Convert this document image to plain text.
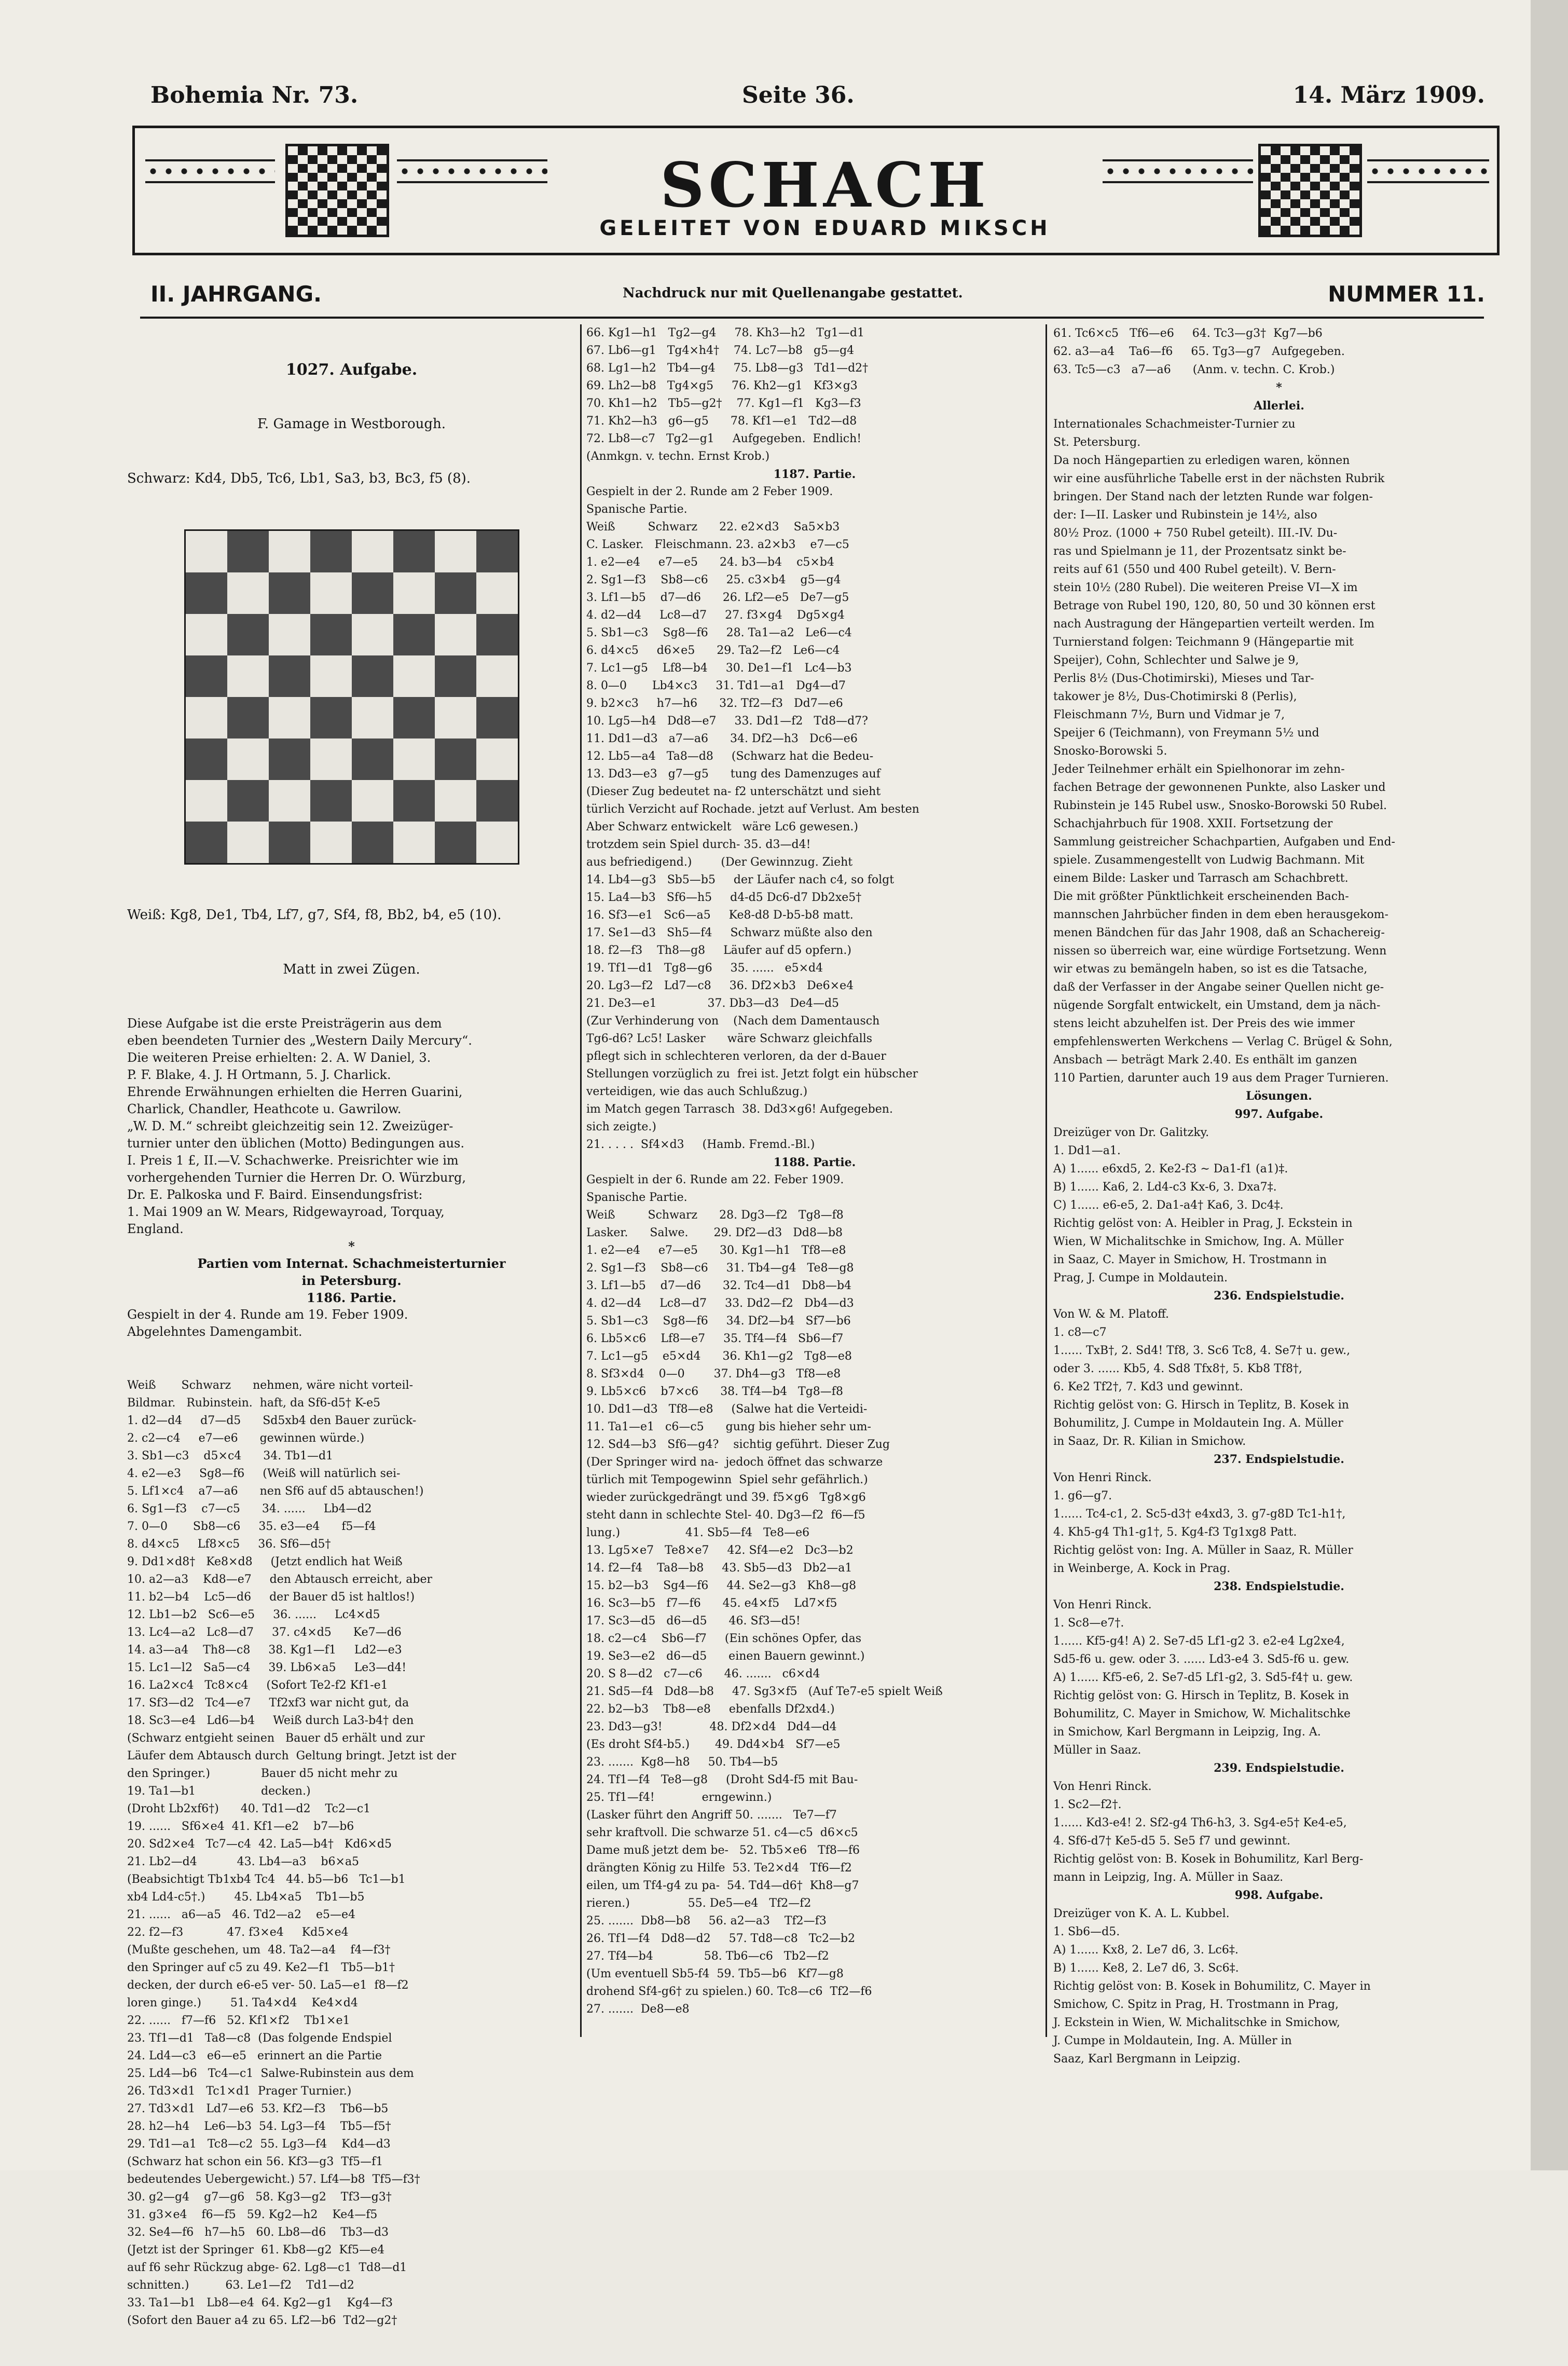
Bohemia Nr. 73.	Seite 36.	14. März 1909.
SCHACH
GELEITET VON EDUARD MIKSCH
II. JAHRGANG.	Nachdruck nur mit Quellenangabe gestattet.	NUMMER 11.

1027. Aufgabe.

F. Gamage in Westborough.

Schwarz: Kd4, Db5, Tc6, Lb1, Sa3, b3, Bc3, f5 (8).

Weiß: Kg8, De1, Tb4, Lf7, g7, Sf4, f8, Bb2, b4, e5 (10).

Matt in zwei Zügen.

Diese Aufgabe ist die erste Preisträgerin aus dem
eben beendeten Turnier des „Western Daily Mercury“.
Die weiteren Preise erhielten: 2. A. W Daniel, 3.
P. F. Blake, 4. J. H Ortmann, 5. J. Charlick.
Ehrende Erwähnungen erhielten die Herren Guarini,
Charlick, Chandler, Heathcote u. Gawrilow.
„W. D. M.“ schreibt gleichzeitig sein 12. Zweizüger-
turnier unter den üblichen (Motto) Bedingungen aus.
I. Preis 1 £, II.—V. Schachwerke. Preisrichter wie im
vorhergehenden Turnier die Herren Dr. O. Würzburg,
Dr. E. Palkoska und F. Baird. Einsendungsfrist:
1. Mai 1909 an W. Mears, Ridgewayroad, Torquay,
England.
*
Partien vom Internat. Schachmeisterturnier
in Petersburg.
1186. Partie.
Gespielt in der 4. Runde am 19. Feber 1909.
Abgelehntes Damengambit.

Weiß       Schwarz      nehmen, wäre nicht vorteil-
Bildmar.   Rubinstein.  haft, da Sf6-d5† K-e5
1. d2—d4     d7—d5      Sd5xb4 den Bauer zurück-
2. c2—c4     e7—e6      gewinnen würde.)
3. Sb1—c3    d5×c4      34. Tb1—d1
4. e2—e3     Sg8—f6     (Weiß will natürlich sei-
5. Lf1×c4    a7—a6      nen Sf6 auf d5 abtauschen!)
6. Sg1—f3    c7—c5      34. ......     Lb4—d2
7. 0—0       Sb8—c6     35. e3—e4      f5—f4
8. d4×c5     Lf8×c5     36. Sf6—d5†
9. Dd1×d8†   Ke8×d8     (Jetzt endlich hat Weiß
10. a2—a3    Kd8—e7     den Abtausch erreicht, aber
11. b2—b4    Lc5—d6     der Bauer d5 ist haltlos!)
12. Lb1—b2   Sc6—e5     36. ......     Lc4×d5
13. Lc4—a2   Lc8—d7     37. c4×d5      Ke7—d6
14. a3—a4    Th8—c8     38. Kg1—f1     Ld2—e3
15. Lc1—l2   Sa5—c4     39. Lb6×a5     Le3—d4!
16. La2×c4   Tc8×c4     (Sofort Te2-f2 Kf1-e1
17. Sf3—d2   Tc4—e7     Tf2xf3 war nicht gut, da
18. Sc3—e4   Ld6—b4     Weiß durch La3-b4† den
(Schwarz entgieht seinen   Bauer d5 erhält und zur
Läufer dem Abtausch durch  Geltung bringt. Jetzt ist der
den Springer.)              Bauer d5 nicht mehr zu
19. Ta1—b1                  decken.)
(Droht Lb2xf6†)      40. Td1—d2    Tc2—c1
19. ......   Sf6×e4  41. Kf1—e2    b7—b6
20. Sd2×e4   Tc7—c4  42. La5—b4†   Kd6×d5
21. Lb2—d4           43. Lb4—a3    b6×a5
(Beabsichtigt Tb1xb4 Tc4   44. b5—b6   Tc1—b1
xb4 Ld4-c5†.)        45. Lb4×a5    Tb1—b5
21. ......   a6—a5   46. Td2—a2    e5—e4
22. f2—f3            47. f3×e4     Kd5×e4
(Mußte geschehen, um  48. Ta2—a4    f4—f3†
den Springer auf c5 zu 49. Ke2—f1   Tb5—b1†
decken, der durch e6-e5 ver- 50. La5—e1  f8—f2
loren ginge.)        51. Ta4×d4    Ke4×d4
22. ......   f7—f6   52. Kf1×f2    Tb1×e1
23. Tf1—d1   Ta8—c8  (Das folgende Endspiel
24. Ld4—c3   e6—e5   erinnert an die Partie
25. Ld4—b6   Tc4—c1  Salwe-Rubinstein aus dem
26. Td3×d1   Tc1×d1  Prager Turnier.)
27. Td3×d1   Ld7—e6  53. Kf2—f3    Tb6—b5
28. h2—h4    Le6—b3  54. Lg3—f4    Tb5—f5†
29. Td1—a1   Tc8—c2  55. Lg3—f4    Kd4—d3
(Schwarz hat schon ein 56. Kf3—g3  Tf5—f1
bedeutendes Uebergewicht.) 57. Lf4—b8  Tf5—f3†
30. g2—g4    g7—g6   58. Kg3—g2    Tf3—g3†
31. g3×e4    f6—f5   59. Kg2—h2    Ke4—f5
32. Se4—f6   h7—h5   60. Lb8—d6    Tb3—d3
(Jetzt ist der Springer  61. Kb8—g2  Kf5—e4
auf f6 sehr Rückzug abge- 62. Lg8—c1  Td8—d1
schnitten.)          63. Le1—f2    Td1—d2
33. Ta1—b1   Lb8—e4  64. Kg2—g1    Kg4—f3
(Sofort den Bauer a4 zu 65. Lf2—b6  Td2—g2†

66. Kg1—h1   Tg2—g4     78. Kh3—h2   Tg1—d1
67. Lb6—g1   Tg4×h4†    74. Lc7—b8   g5—g4
68. Lg1—h2   Tb4—g4     75. Lb8—g3   Td1—d2†
69. Lh2—b8   Tg4×g5     76. Kh2—g1   Kf3×g3
70. Kh1—h2   Tb5—g2†    77. Kg1—f1   Kg3—f3
71. Kh2—h3   g6—g5      78. Kf1—e1   Td2—d8
72. Lb8—c7   Tg2—g1     Aufgegeben.  Endlich!
(Anmkgn. v. techn. Ernst Krob.)
1187. Partie.
Gespielt in der 2. Runde am 2 Feber 1909.
Spanische Partie.
Weiß         Schwarz      22. e2×d3    Sa5×b3
C. Lasker.   Fleischmann. 23. a2×b3    e7—c5
1. e2—e4     e7—e5      24. b3—b4    c5×b4
2. Sg1—f3    Sb8—c6     25. c3×b4    g5—g4
3. Lf1—b5    d7—d6      26. Lf2—e5   De7—g5
4. d2—d4     Lc8—d7     27. f3×g4    Dg5×g4
5. Sb1—c3    Sg8—f6     28. Ta1—a2   Le6—c4
6. d4×c5     d6×e5      29. Ta2—f2   Le6—c4
7. Lc1—g5    Lf8—b4     30. De1—f1   Lc4—b3
8. 0—0       Lb4×c3     31. Td1—a1   Dg4—d7
9. b2×c3     h7—h6      32. Tf2—f3   Dd7—e6
10. Lg5—h4   Dd8—e7     33. Dd1—f2   Td8—d7?
11. Dd1—d3   a7—a6      34. Df2—h3   Dc6—e6
12. Lb5—a4   Ta8—d8     (Schwarz hat die Bedeu-
13. Dd3—e3   g7—g5      tung des Damenzuges auf
(Dieser Zug bedeutet na- f2 unterschätzt und sieht
türlich Verzicht auf Rochade. jetzt auf Verlust. Am besten
Aber Schwarz entwickelt   wäre Lc6 gewesen.)
trotzdem sein Spiel durch- 35. d3—d4!
aus befriedigend.)        (Der Gewinnzug. Zieht
14. Lb4—g3   Sb5—b5     der Läufer nach c4, so folgt
15. La4—b3   Sf6—h5     d4-d5 Dc6-d7 Db2xe5†
16. Sf3—e1   Sc6—a5     Ke8-d8 D-b5-b8 matt.
17. Se1—d3   Sh5—f4     Schwarz müßte also den
18. f2—f3    Th8—g8     Läufer auf d5 opfern.)
19. Tf1—d1   Tg8—g6     35. ......   e5×d4
20. Lg3—f2   Ld7—c8     36. Df2×b3   De6×e4
21. De3—e1              37. Db3—d3   De4—d5
(Zur Verhinderung von    (Nach dem Damentausch
Tg6-d6? Lc5! Lasker      wäre Schwarz gleichfalls
pflegt sich in schlechteren verloren, da der d-Bauer
Stellungen vorzüglich zu  frei ist. Jetzt folgt ein hübscher
verteidigen, wie das auch Schlußzug.)
im Match gegen Tarrasch  38. Dd3×g6! Aufgegeben.
sich zeigte.)
21. . . . .  Sf4×d3     (Hamb. Fremd.-Bl.)
1188. Partie.
Gespielt in der 6. Runde am 22. Feber 1909.
Spanische Partie.
Weiß         Schwarz      28. Dg3—f2   Tg8—f8
Lasker.      Salwe.       29. Df2—d3   Dd8—b8
1. e2—e4     e7—e5      30. Kg1—h1   Tf8—e8
2. Sg1—f3    Sb8—c6     31. Tb4—g4   Te8—g8
3. Lf1—b5    d7—d6      32. Tc4—d1   Db8—b4
4. d2—d4     Lc8—d7     33. Dd2—f2   Db4—d3
5. Sb1—c3    Sg8—f6     34. Df2—b4   Sf7—b6
6. Lb5×c6    Lf8—e7     35. Tf4—f4   Sb6—f7
7. Lc1—g5    e5×d4      36. Kh1—g2   Tg8—e8
8. Sf3×d4    0—0        37. Dh4—g3   Tf8—e8
9. Lb5×c6    b7×c6      38. Tf4—b4   Tg8—f8
10. Dd1—d3   Tf8—e8     (Salwe hat die Verteidi-
11. Ta1—e1   c6—c5      gung bis hieher sehr um-
12. Sd4—b3   Sf6—g4?    sichtig geführt. Dieser Zug
(Der Springer wird na-  jedoch öffnet das schwarze
türlich mit Tempogewinn  Spiel sehr gefährlich.)
wieder zurückgedrängt und 39. f5×g6   Tg8×g6
steht dann in schlechte Stel- 40. Dg3—f2  f6—f5
lung.)                  41. Sb5—f4   Te8—e6
13. Lg5×e7   Te8×e7     42. Sf4—e2   Dc3—b2
14. f2—f4    Ta8—b8     43. Sb5—d3   Db2—a1
15. b2—b3    Sg4—f6     44. Se2—g3   Kh8—g8
16. Sc3—b5   f7—f6      45. e4×f5    Ld7×f5
17. Sc3—d5   d6—d5      46. Sf3—d5!
18. c2—c4    Sb6—f7     (Ein schönes Opfer, das
19. Se3—e2   d6—d5      einen Bauern gewinnt.)
20. S 8—d2   c7—c6      46. .......   c6×d4
21. Sd5—f4   Dd8—b8     47. Sg3×f5   (Auf Te7-e5 spielt Weiß
22. b2—b3    Tb8—e8     ebenfalls Df2xd4.)
23. Dd3—g3!             48. Df2×d4   Dd4—d4
(Es droht Sf4-b5.)       49. Dd4×b4   Sf7—e5
23. .......  Kg8—h8     50. Tb4—b5
24. Tf1—f4   Te8—g8     (Droht Sd4-f5 mit Bau-
25. Tf1—f4!             erngewinn.)
(Lasker führt den Angriff 50. .......   Te7—f7
sehr kraftvoll. Die schwarze 51. c4—c5  d6×c5
Dame muß jetzt dem be-   52. Tb5×e6   Tf8—f6
drängten König zu Hilfe  53. Te2×d4   Tf6—f2
eilen, um Tf4-g4 zu pa-  54. Td4—d6†  Kh8—g7
rieren.)                55. De5—e4   Tf2—f2
25. .......  Db8—b8     56. a2—a3    Tf2—f3
26. Tf1—f4   Dd8—d2     57. Td8—c8   Tc2—b2
27. Tf4—b4              58. Tb6—c6   Tb2—f2
(Um eventuell Sb5-f4  59. Tb5—b6   Kf7—g8
drohend Sf4-g6† zu spielen.) 60. Tc8—c6  Tf2—f6
27. .......  De8—e8
61. Tc6×c5   Tf6—e6     64. Tc3—g3†  Kg7—b6
62. a3—a4    Ta6—f6     65. Tg3—g7   Aufgegeben.
63. Tc5—c3   a7—a6      (Anm. v. techn. C. Krob.)
*
Allerlei.
Internationales Schachmeister-Turnier zu
St. Petersburg.
Da noch Hängepartien zu erledigen waren, können
wir eine ausführliche Tabelle erst in der nächsten Rubrik
bringen. Der Stand nach der letzten Runde war folgen-
der: I—II. Lasker und Rubinstein je 14½, also
80½ Proz. (1000 + 750 Rubel geteilt). III.-IV. Du-
ras und Spielmann je 11, der Prozentsatz sinkt be-
reits auf 61 (550 und 400 Rubel geteilt). V. Bern-
stein 10½ (280 Rubel). Die weiteren Preise VI—X im
Betrage von Rubel 190, 120, 80, 50 und 30 können erst
nach Austragung der Hängepartien verteilt werden. Im
Turnierstand folgen: Teichmann 9 (Hängepartie mit
Speijer), Cohn, Schlechter und Salwe je 9,
Perlis 8½ (Dus-Chotimirski), Mieses und Tar-
takower je 8½, Dus-Chotimirski 8 (Perlis),
Fleischmann 7½, Burn und Vidmar je 7,
Speijer 6 (Teichmann), von Freymann 5½ und
Snosko-Borowski 5.
Jeder Teilnehmer erhält ein Spielhonorar im zehn-
fachen Betrage der gewonnenen Punkte, also Lasker und
Rubinstein je 145 Rubel usw., Snosko-Borowski 50 Rubel.
Schachjahrbuch für 1908. XXII. Fortsetzung der
Sammlung geistreicher Schachpartien, Aufgaben und End-
spiele. Zusammengestellt von Ludwig Bachmann. Mit
einem Bilde: Lasker und Tarrasch am Schachbrett.
Die mit größter Pünktlichkeit erscheinenden Bach-
mannschen Jahrbücher finden in dem eben herausgekom-
menen Bändchen für das Jahr 1908, daß an Schachereig-
nissen so überreich war, eine würdige Fortsetzung. Wenn
wir etwas zu bemängeln haben, so ist es die Tatsache,
daß der Verfasser in der Angabe seiner Quellen nicht ge-
nügende Sorgfalt entwickelt, ein Umstand, dem ja näch-
stens leicht abzuhelfen ist. Der Preis des wie immer
empfehlenswerten Werkchens — Verlag C. Brügel & Sohn,
Ansbach — beträgt Mark 2.40. Es enthält im ganzen
110 Partien, darunter auch 19 aus dem Prager Turnieren.
Lösungen.
997. Aufgabe.
Dreizüger von Dr. Galitzky.
1. Dd1—a1.
A) 1...... e6xd5, 2. Ke2-f3 ∼ Da1-f1 (a1)‡.
B) 1...... Ka6, 2. Ld4-c3 Kx-6, 3. Dxa7‡.
C) 1...... e6-e5, 2. Da1-a4† Ka6, 3. Dc4‡.
Richtig gelöst von: A. Heibler in Prag, J. Eckstein in
Wien, W Michalitschke in Smichow, Ing. A. Müller
in Saaz, C. Mayer in Smichow, H. Trostmann in
Prag, J. Cumpe in Moldautein.
236. Endspielstudie.
Von W. & M. Platoff.
1. c8—c7
1...... TxB†, 2. Sd4! Tf8, 3. Sc6 Tc8, 4. Se7† u. gew.,
oder 3. ...... Kb5, 4. Sd8 Tfx8†, 5. Kb8 Tf8†,
6. Ke2 Tf2†, 7. Kd3 und gewinnt.
Richtig gelöst von: G. Hirsch in Teplitz, B. Kosek in
Bohumilitz, J. Cumpe in Moldautein Ing. A. Müller
in Saaz, Dr. R. Kilian in Smichow.
237. Endspielstudie.
Von Henri Rinck.
1. g6—g7.
1...... Tc4-c1, 2. Sc5-d3† e4xd3, 3. g7-g8D Tc1-h1†,
4. Kh5-g4 Th1-g1†, 5. Kg4-f3 Tg1xg8 Patt.
Richtig gelöst von: Ing. A. Müller in Saaz, R. Müller
in Weinberge, A. Kock in Prag.
238. Endspielstudie.
Von Henri Rinck.
1. Sc8—e7†.
1...... Kf5-g4! A) 2. Se7-d5 Lf1-g2 3. e2-e4 Lg2xe4,
Sd5-f6 u. gew. oder 3. ...... Ld3-e4 3. Sd5-f6 u. gew.
A) 1...... Kf5-e6, 2. Se7-d5 Lf1-g2, 3. Sd5-f4† u. gew.
Richtig gelöst von: G. Hirsch in Teplitz, B. Kosek in
Bohumilitz, C. Mayer in Smichow, W. Michalitschke
in Smichow, Karl Bergmann in Leipzig, Ing. A.
Müller in Saaz.
239. Endspielstudie.
Von Henri Rinck.
1. Sc2—f2†.
1...... Kd3-e4! 2. Sf2-g4 Th6-h3, 3. Sg4-e5† Ke4-e5,
4. Sf6-d7† Ke5-d5 5. Se5 f7 und gewinnt.
Richtig gelöst von: B. Kosek in Bohumilitz, Karl Berg-
mann in Leipzig, Ing. A. Müller in Saaz.
998. Aufgabe.
Dreizüger von K. A. L. Kubbel.
1. Sb6—d5.
A) 1...... Kx8, 2. Le7 d6, 3. Lc6‡.
B) 1...... Ke8, 2. Le7 d6, 3. Sc6‡.
Richtig gelöst von: B. Kosek in Bohumilitz, C. Mayer in
Smichow, C. Spitz in Prag, H. Trostmann in Prag,
J. Eckstein in Wien, W. Michalitschke in Smichow,
J. Cumpe in Moldautein, Ing. A. Müller in
Saaz, Karl Bergmann in Leipzig.
